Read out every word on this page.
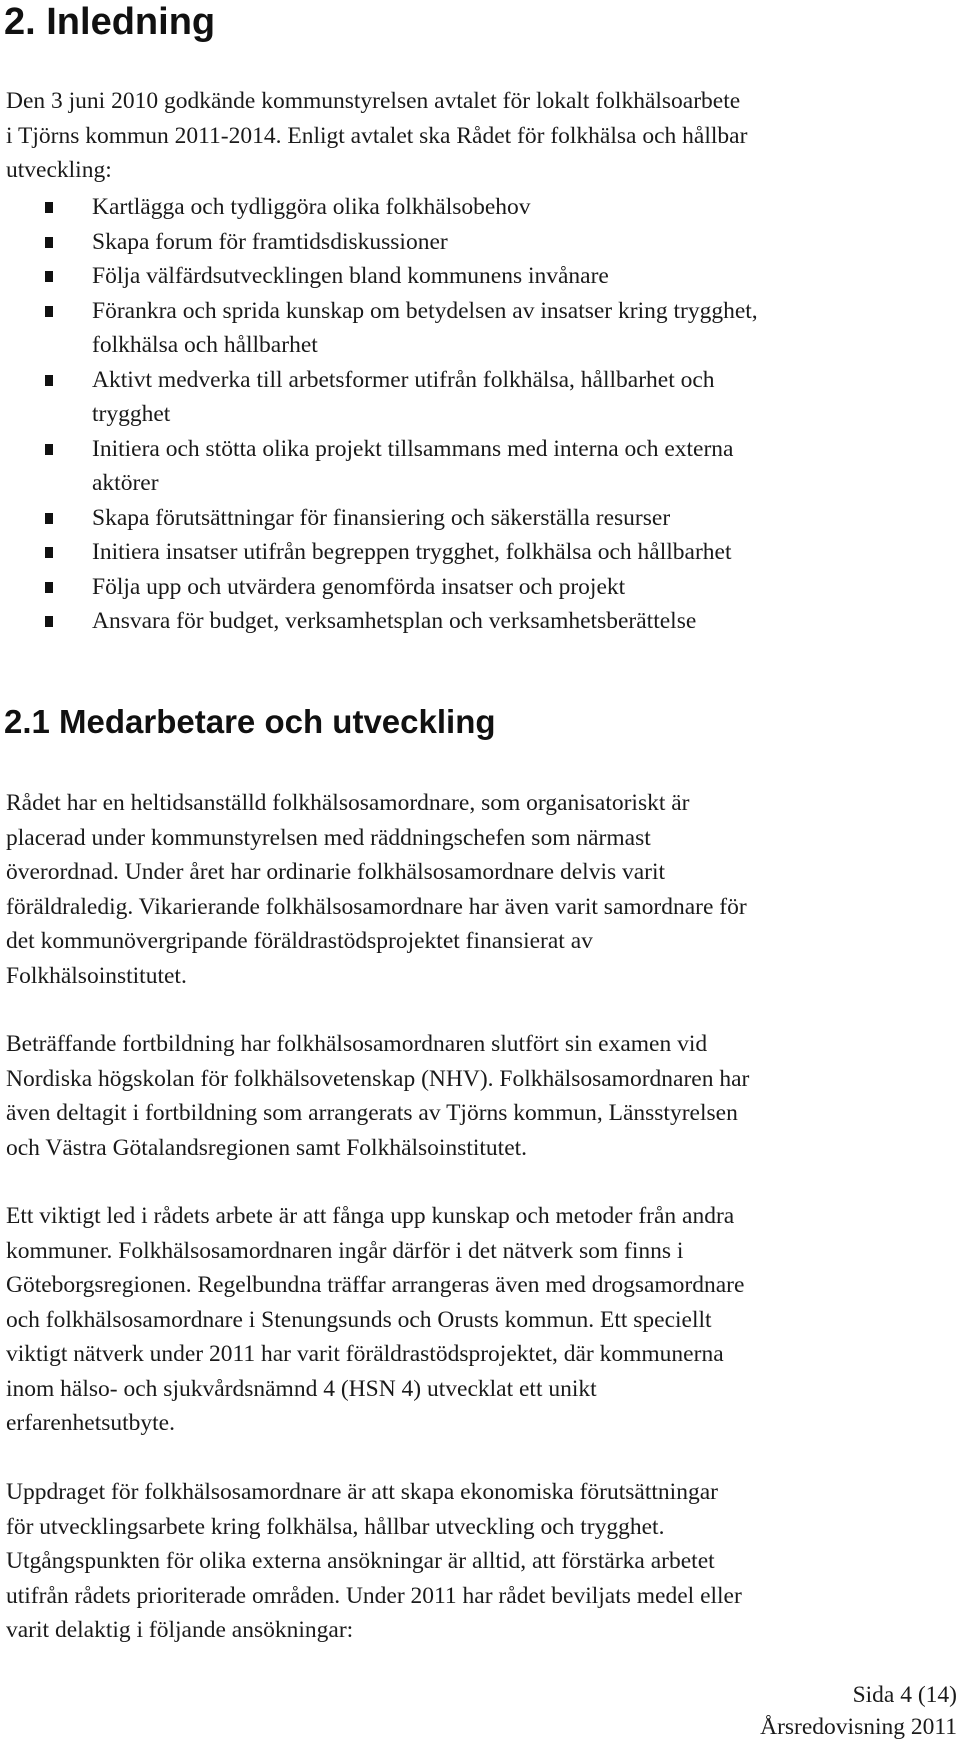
2. Inledning

Den 3 juni 2010 godkände kommunstyrelsen avtalet för lokalt folkhälsoarbete
i Tjörns kommun 2011-2014. Enligt avtalet ska Rådet för folkhälsa och hållbar
utveckling:

Kartlägga och tydliggöra olika folkhälsobehov
Skapa forum för framtidsdiskussioner
Följa välfärdsutvecklingen bland kommunens invånare
Förankra och sprida kunskap om betydelsen av insatser kring trygghet,
folkhälsa och hållbarhet
Aktivt medverka till arbetsformer utifrån folkhälsa, hållbarhet och
trygghet
Initiera och stötta olika projekt tillsammans med interna och externa
aktörer
Skapa förutsättningar för finansiering och säkerställa resurser
Initiera insatser utifrån begreppen trygghet, folkhälsa och hållbarhet
Följa upp och utvärdera genomförda insatser och projekt
Ansvara för budget, verksamhetsplan och verksamhetsberättelse
2.1 Medarbetare och utveckling

Rådet har en heltidsanställd folkhälsosamordnare, som organisatoriskt är
placerad under kommunstyrelsen med räddningschefen som närmast
överordnad. Under året har ordinarie folkhälsosamordnare delvis varit
föräldraledig. Vikarierande folkhälsosamordnare har även varit samordnare för
det kommunövergripande föräldrastödsprojektet finansierat av
Folkhälsoinstitutet.

Beträffande fortbildning har folkhälsosamordnaren slutfört sin examen vid
Nordiska högskolan för folkhälsovetenskap (NHV). Folkhälsosamordnaren har
även deltagit i fortbildning som arrangerats av Tjörns kommun, Länsstyrelsen
och Västra Götalandsregionen samt Folkhälsoinstitutet.

Ett viktigt led i rådets arbete är att fånga upp kunskap och metoder från andra
kommuner. Folkhälsosamordnaren ingår därför i det nätverk som finns i
Göteborgsregionen. Regelbundna träffar arrangeras även med drogsamordnare
och folkhälsosamordnare i Stenungsunds och Orusts kommun. Ett speciellt
viktigt nätverk under 2011 har varit föräldrastödsprojektet, där kommunerna
inom hälso- och sjukvårdsnämnd 4 (HSN 4) utvecklat ett unikt
erfarenhetsutbyte.

Uppdraget för folkhälsosamordnare är att skapa ekonomiska förutsättningar
för utvecklingsarbete kring folkhälsa, hållbar utveckling och trygghet.
Utgångspunkten för olika externa ansökningar är alltid, att förstärka arbetet
utifrån rådets prioriterade områden. Under 2011 har rådet beviljats medel eller
varit delaktig i följande ansökningar:

Sida 4 (14)
Årsredovisning 2011
